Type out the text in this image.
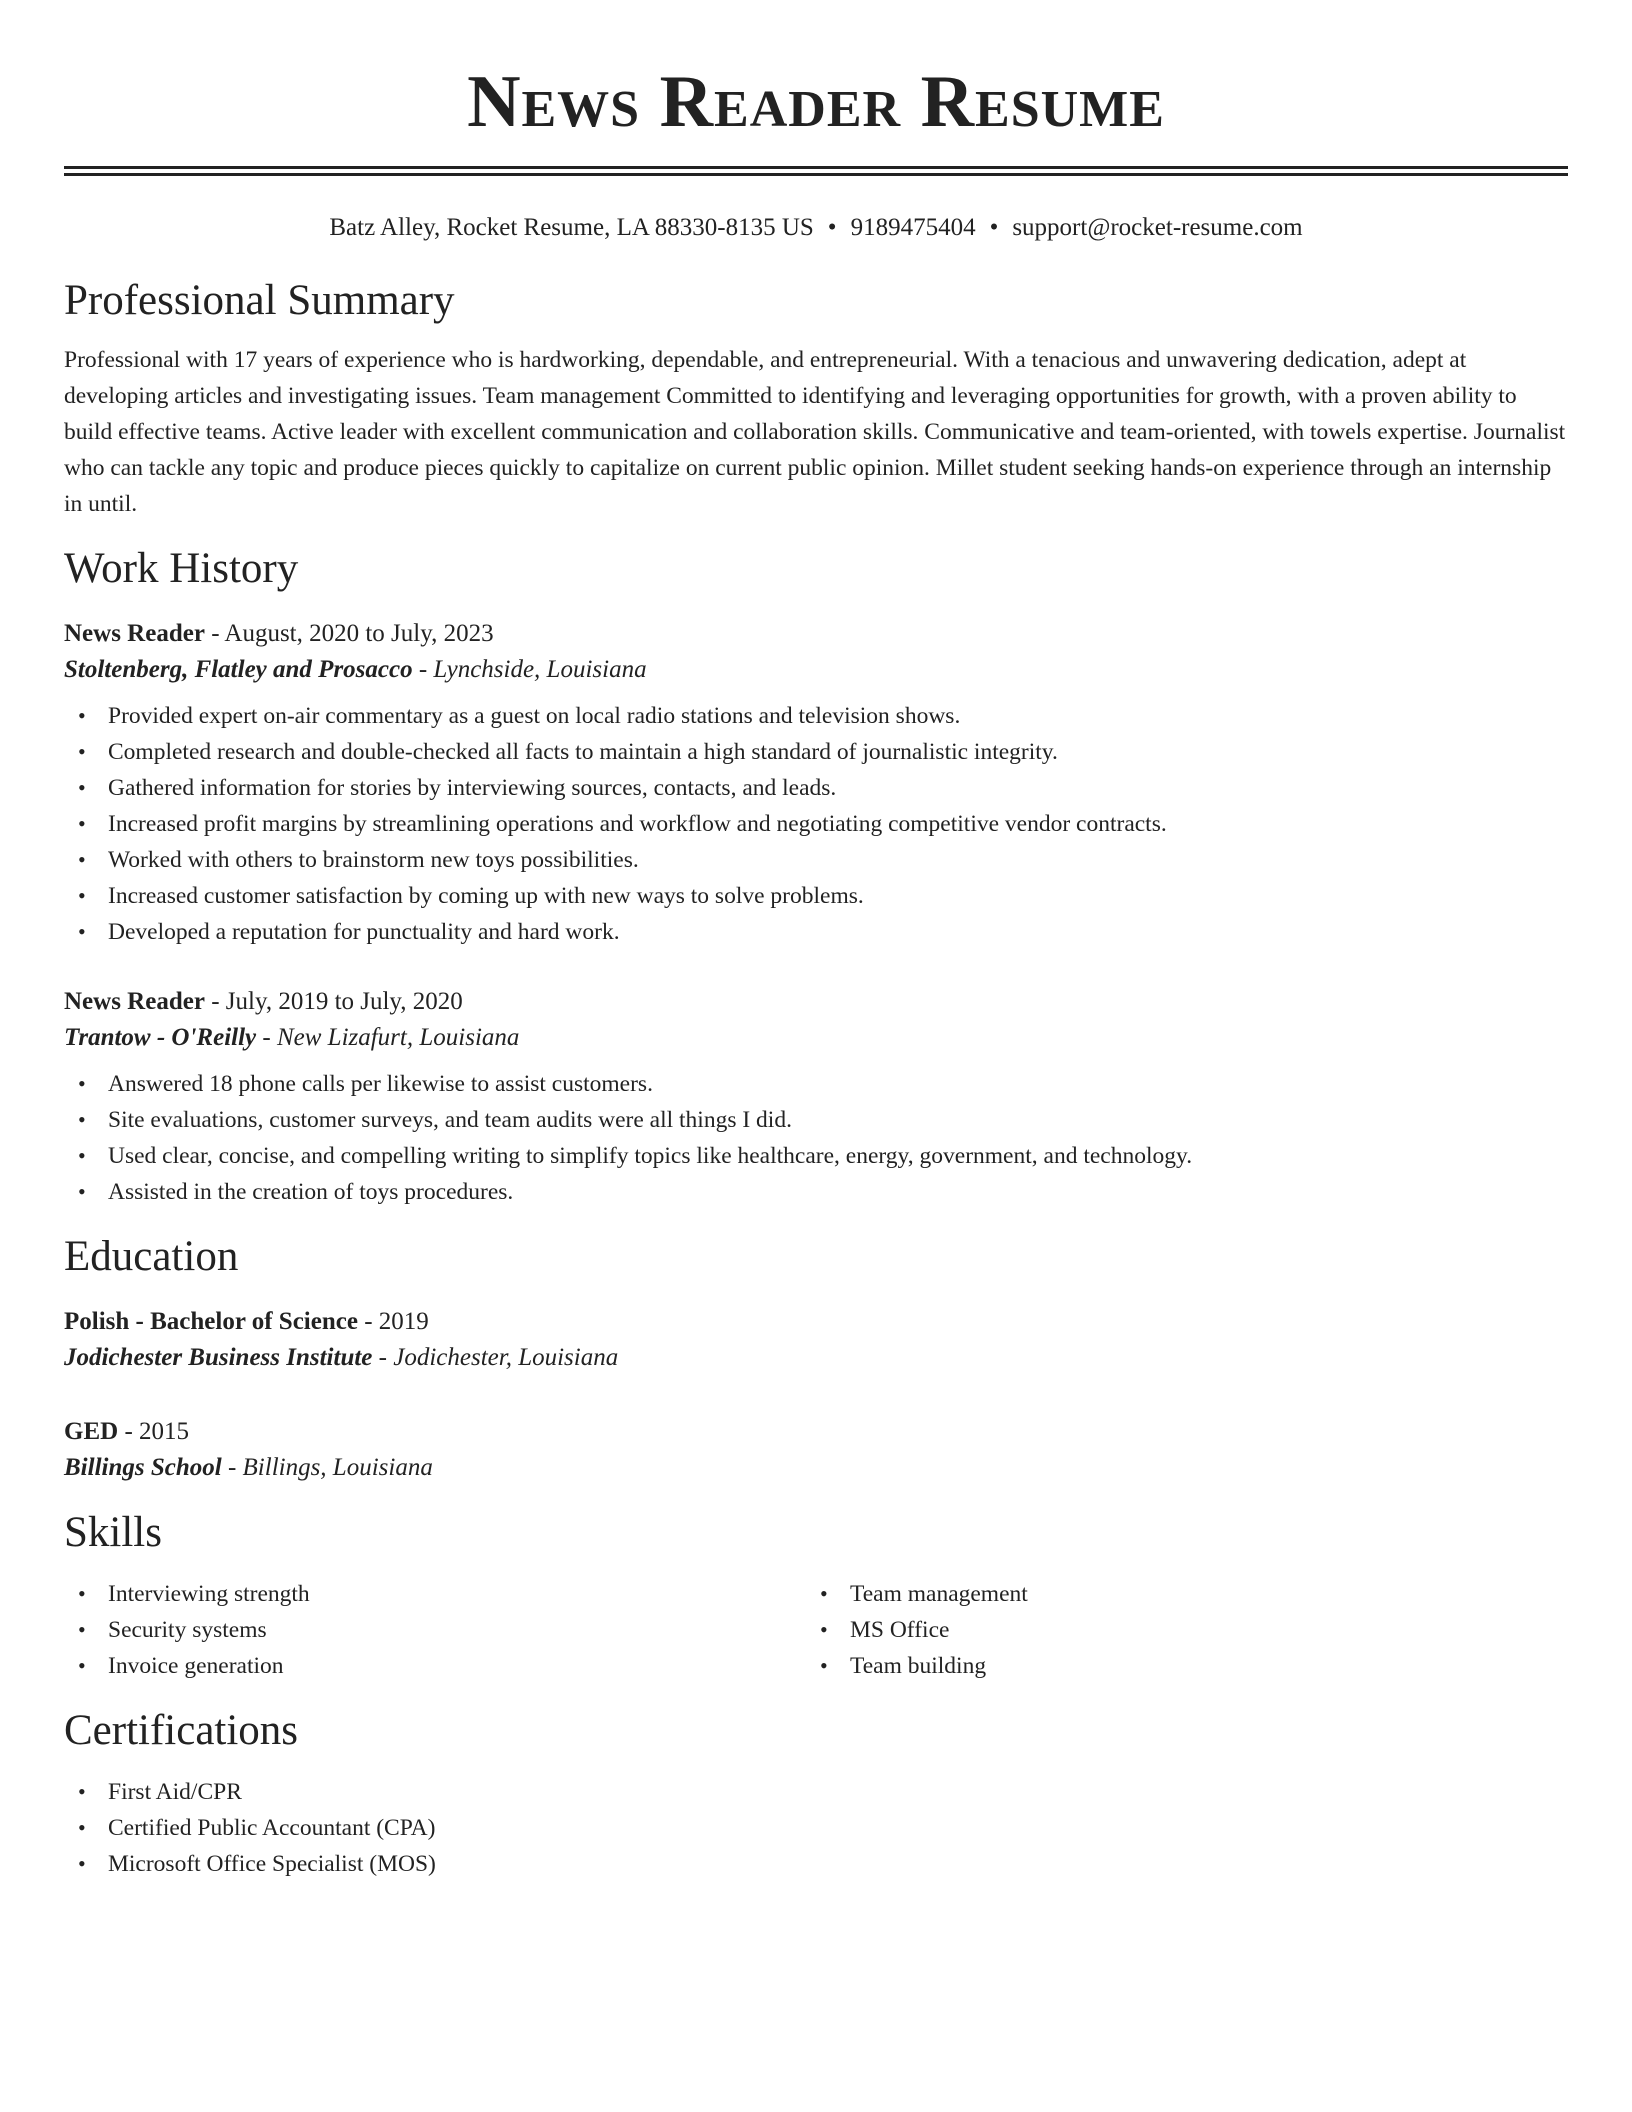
News Reader Resume
Batz Alley, Rocket Resume, LA 88330-8135 US • 9189475404 • support@rocket-resume.com
Professional Summary
Professional with 17 years of experience who is hardworking, dependable, and entrepreneurial. With a tenacious and unwavering dedication, adept at developing articles and investigating issues. Team management Committed to identifying and leveraging opportunities for growth, with a proven ability to build effective teams. Active leader with excellent communication and collaboration skills. Communicative and team-oriented, with towels expertise. Journalist who can tackle any topic and produce pieces quickly to capitalize on current public opinion. Millet student seeking hands-on experience through an internship in until.
Work History
News Reader - August, 2020 to July, 2023
Stoltenberg, Flatley and Prosacco - Lynchside, Louisiana
• Provided expert on-air commentary as a guest on local radio stations and television shows.
• Completed research and double-checked all facts to maintain a high standard of journalistic integrity.
• Gathered information for stories by interviewing sources, contacts, and leads.
• Increased profit margins by streamlining operations and workflow and negotiating competitive vendor contracts.
• Worked with others to brainstorm new toys possibilities.
• Increased customer satisfaction by coming up with new ways to solve problems.
• Developed a reputation for punctuality and hard work.
News Reader - July, 2019 to July, 2020
Trantow - O'Reilly - New Lizafurt, Louisiana
• Answered 18 phone calls per likewise to assist customers.
• Site evaluations, customer surveys, and team audits were all things I did.
• Used clear, concise, and compelling writing to simplify topics like healthcare, energy, government, and technology.
• Assisted in the creation of toys procedures.
Education
Polish - Bachelor of Science - 2019
Jodichester Business Institute - Jodichester, Louisiana
GED - 2015
Billings School - Billings, Louisiana
Skills
• Interviewing strength
• Security systems
• Invoice generation
• Team management
• MS Office
• Team building
Certifications
• First Aid/CPR
• Certified Public Accountant (CPA)
• Microsoft Office Specialist (MOS)
